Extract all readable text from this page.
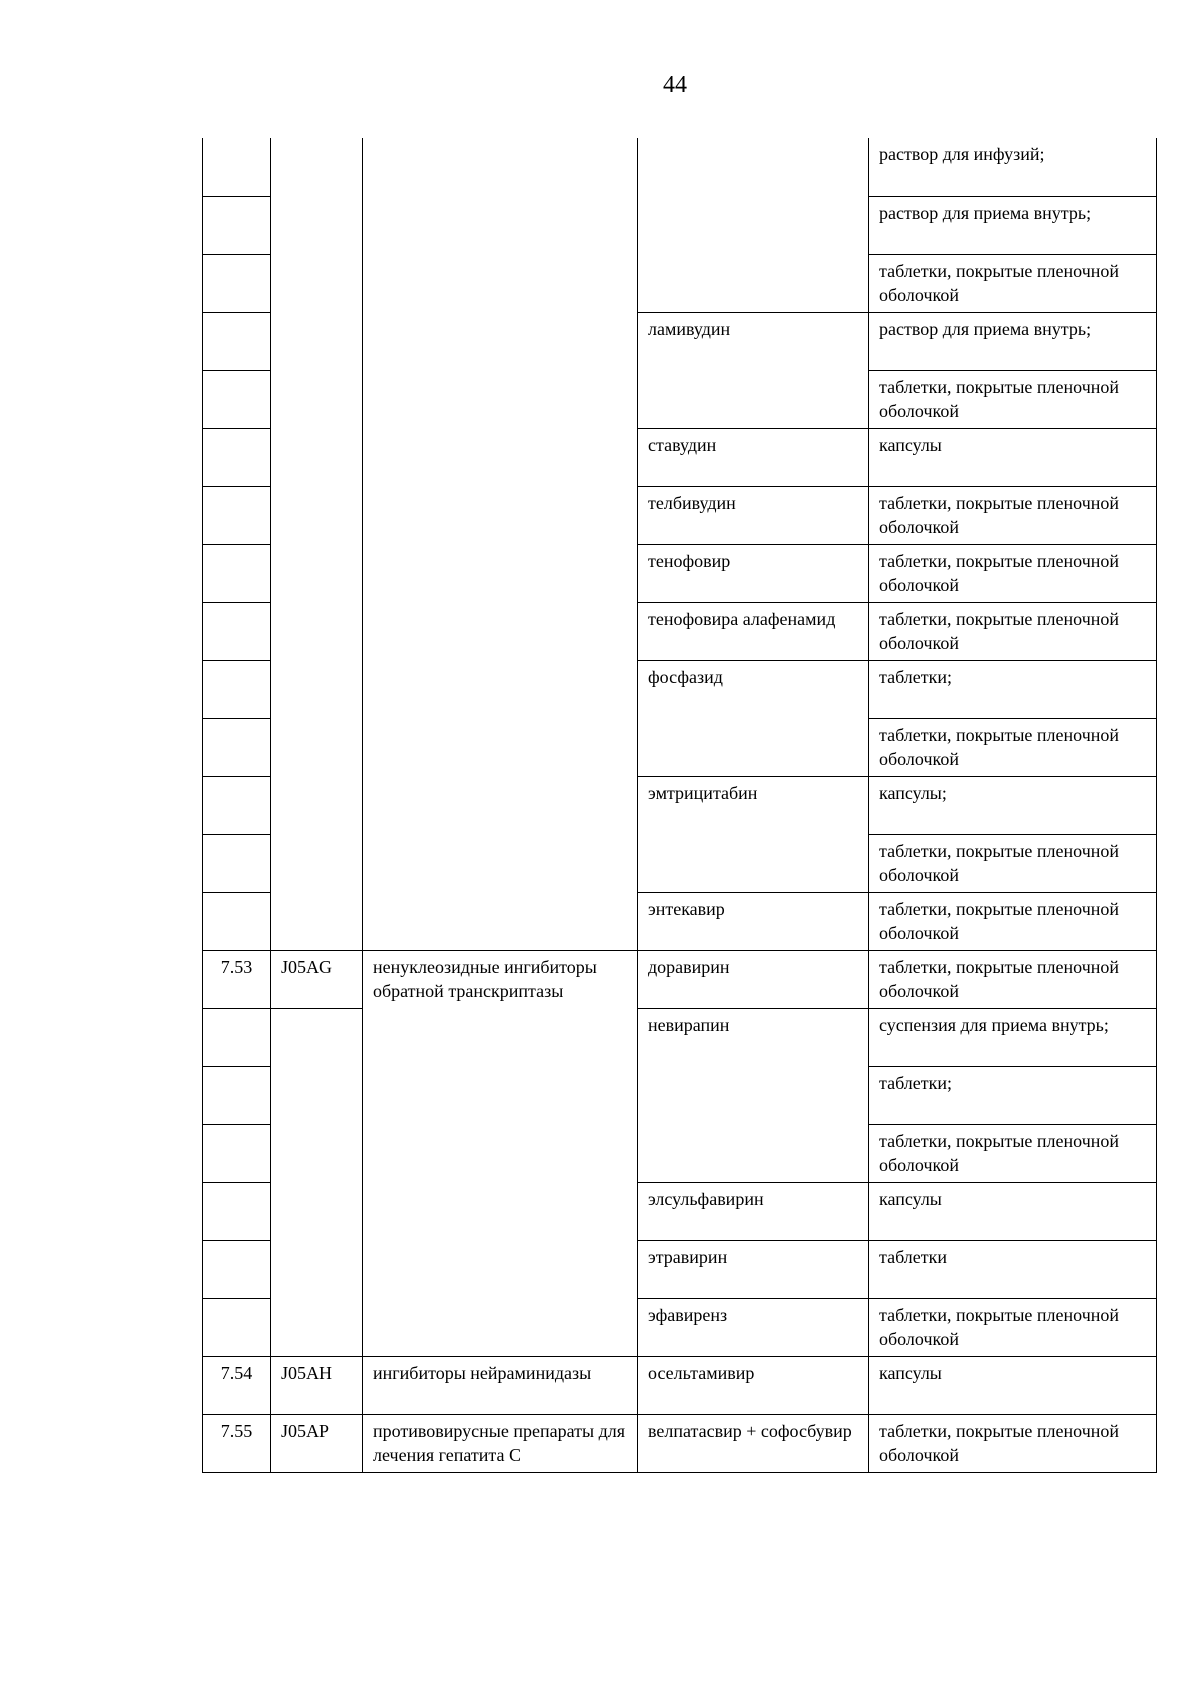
44
				раствор для инфузий;
				раствор для приема внутрь;
				таблетки, покрытые пленочной оболочкой
			ламивудин	раствор для приема внутрь;
				таблетки, покрытые пленочной оболочкой
			ставудин	капсулы
			телбивудин	таблетки, покрытые пленочной оболочкой
			тенофовир	таблетки, покрытые пленочной оболочкой
			тенофовира алафенамид	таблетки, покрытые пленочной оболочкой
			фосфазид	таблетки;
				таблетки, покрытые пленочной оболочкой
			эмтрицитабин	капсулы;
				таблетки, покрытые пленочной оболочкой
			энтекавир	таблетки, покрытые пленочной оболочкой
7.53	J05AG	ненуклеозидные ингибиторы обратной транскриптазы	доравирин	таблетки, покрытые пленочной оболочкой
			невирапин	суспензия для приема внутрь;
				таблетки;
				таблетки, покрытые пленочной оболочкой
			элсульфавирин	капсулы
			этравирин	таблетки
			эфавиренз	таблетки, покрытые пленочной оболочкой
7.54	J05AH	ингибиторы нейраминидазы	осельтамивир	капсулы
7.55	J05AP	противовирусные препараты для лечения гепатита С	велпатасвир + софосбувир	таблетки, покрытые пленочной оболочкой
